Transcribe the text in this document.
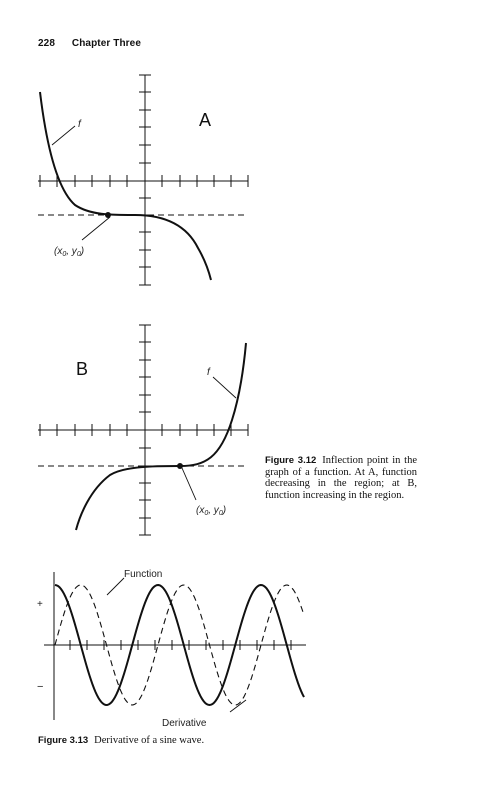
228 Chapter Three
f	A
($x_0$, $y_0$)
f
B
($x_0$, $y_0$)
Function
Derivative
+
−
Figure 3.12 Inflection point in the graph of a function. At A, function decreasing in the region; at B, function increasing in the region.
Figure 3.13 Derivative of a sine wave.
